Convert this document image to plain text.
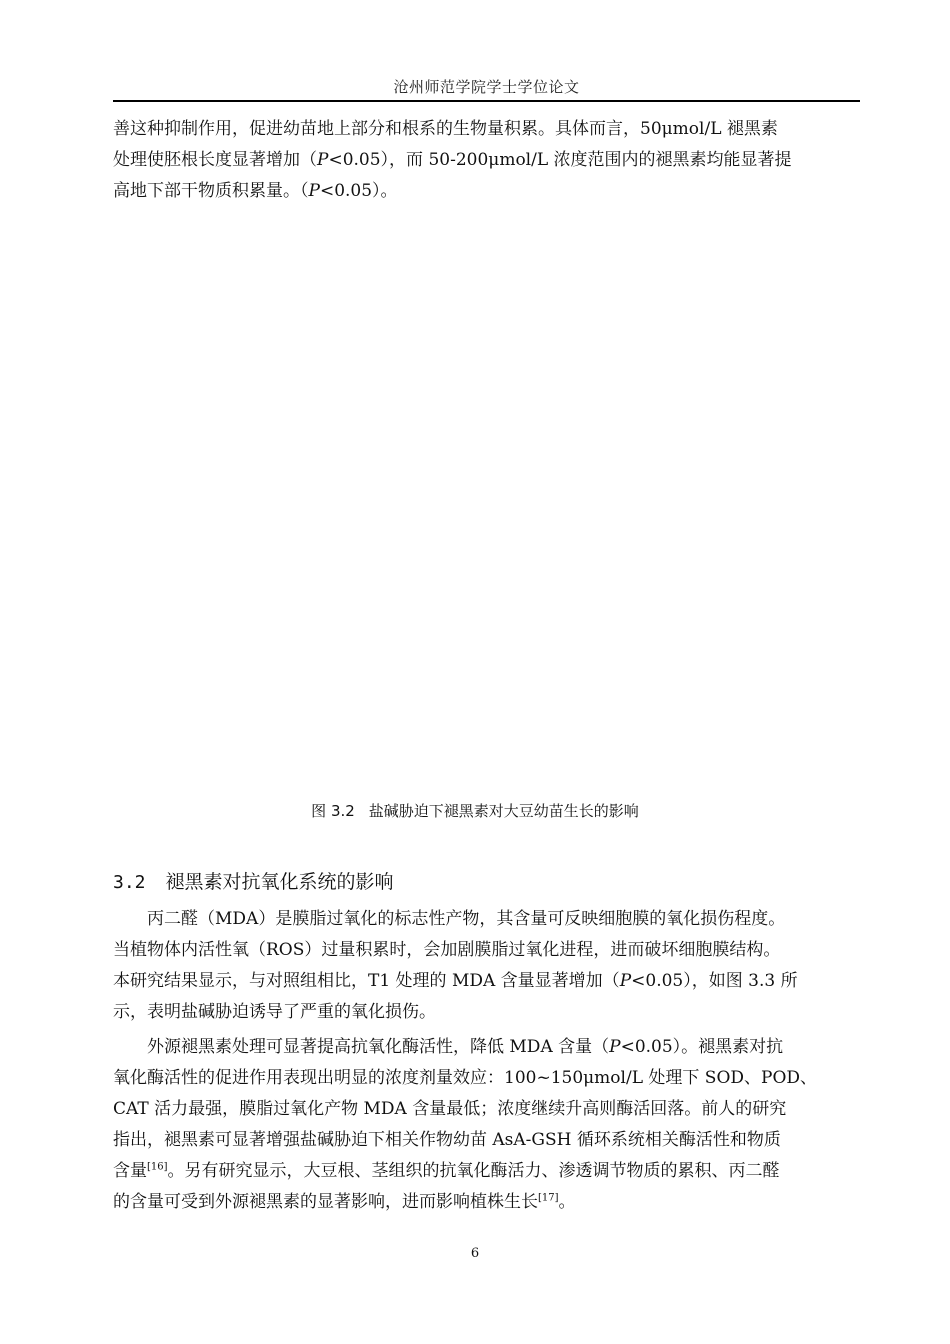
沧州师范学院学士学位论文

善这种抑制作用，促进幼苗地上部分和根系的生物量积累。具体而言，50μmol/L 褪黑素
处理使胚根长度显著增加（P<0.05），而 50-200μmol/L 浓度范围内的褪黑素均能显著提
高地下部干物质积累量。（P<0.05）。

图 3.2 盐碱胁迫下褪黑素对大豆幼苗生长的影响
3.2 褪黑素对抗氧化系统的影响

丙二醛（MDA）是膜脂过氧化的标志性产物，其含量可反映细胞膜的氧化损伤程度。
当植物体内活性氧（ROS）过量积累时，会加剧膜脂过氧化进程，进而破坏细胞膜结构。
本研究结果显示，与对照组相比，T1 处理的 MDA 含量显著增加（P<0.05），如图 3.3 所
示，表明盐碱胁迫诱导了严重的氧化损伤。

外源褪黑素处理可显著提高抗氧化酶活性，降低 MDA 含量（P<0.05）。褪黑素对抗
氧化酶活性的促进作用表现出明显的浓度剂量效应：100~150μmol/L 处理下 SOD、POD、
CAT 活力最强，膜脂过氧化产物 MDA 含量最低；浓度继续升高则酶活回落。前人的研究
指出，褪黑素可显著增强盐碱胁迫下相关作物幼苗 AsA-GSH 循环系统相关酶活性和物质
含量[16]。另有研究显示，大豆根、茎组织的抗氧化酶活力、渗透调节物质的累积、丙二醛
的含量可受到外源褪黑素的显著影响，进而影响植株生长[17]。

6
